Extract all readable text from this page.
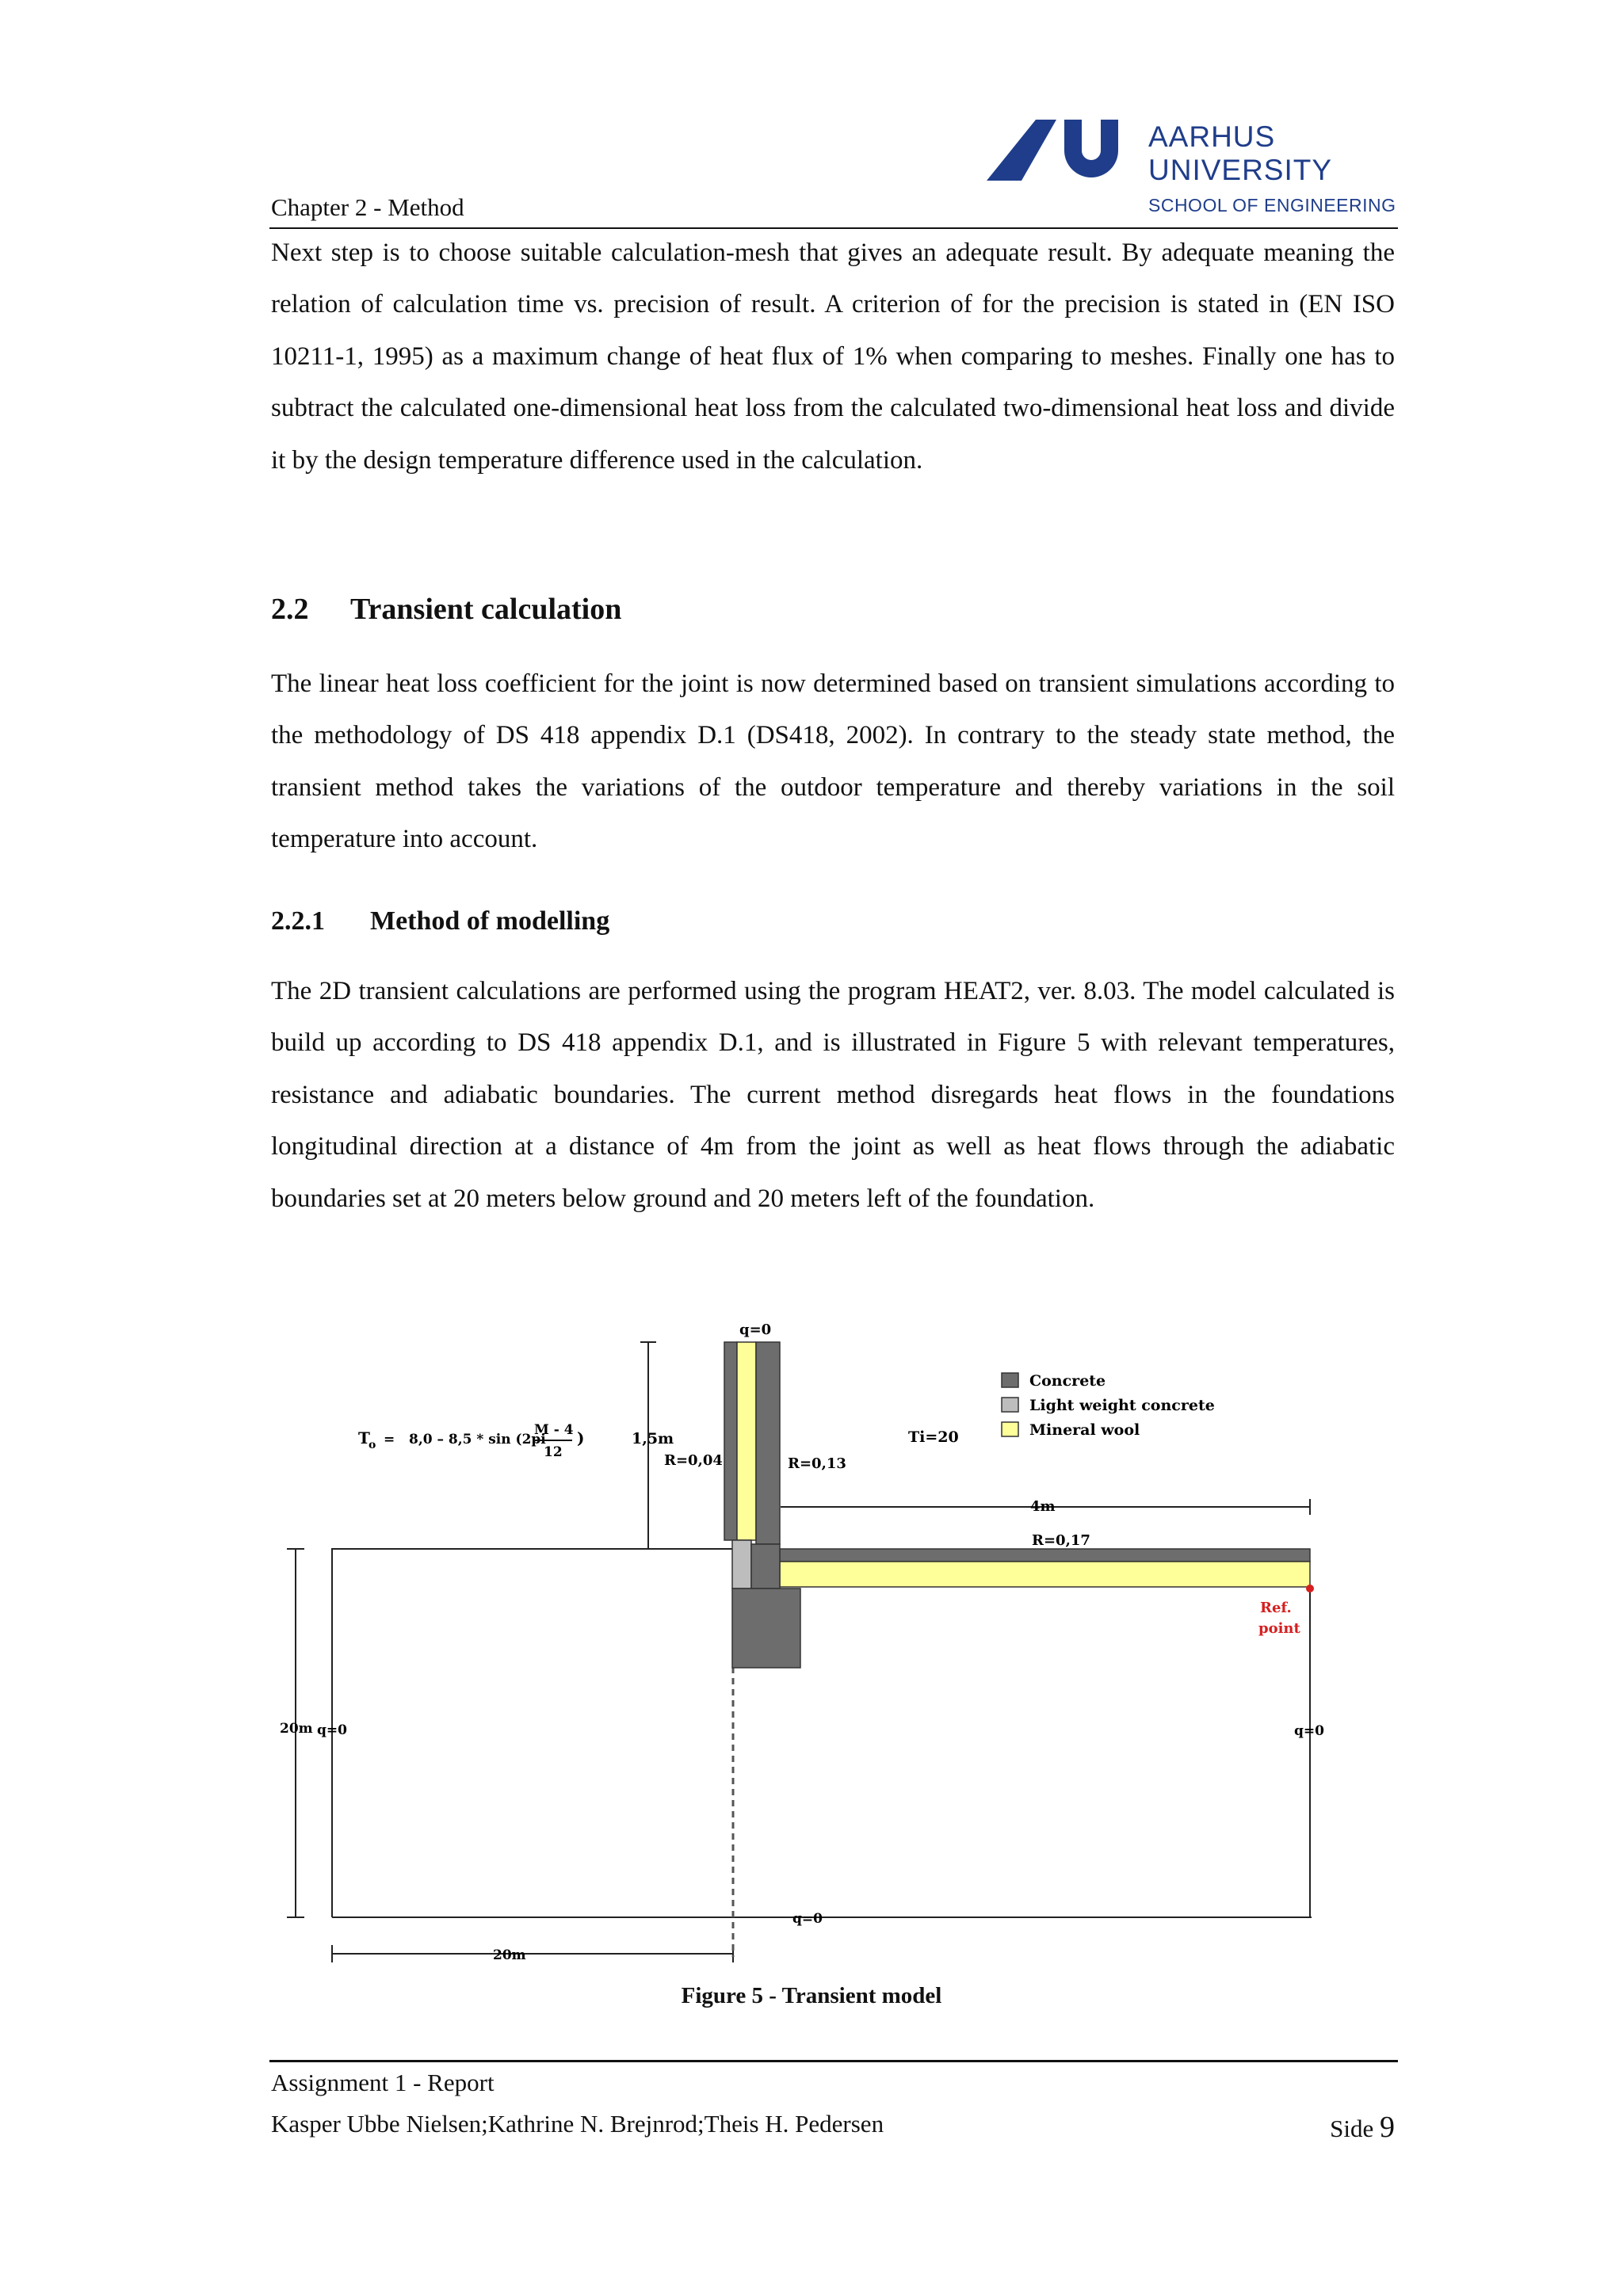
Chapter 2 - Method
AARHUS
UNIVERSITY
SCHOOL OF ENGINEERING
Next step is to choose suitable calculation-mesh that gives an adequate result. By adequate meaning the relation of calculation time vs. precision of result. A criterion of for the precision is stated in (EN ISO 10211-1, 1995) as a maximum change of heat flux of 1% when comparing to meshes. Finally one has to subtract the calculated one-dimensional heat loss from the calculated two-dimensional heat loss and divide it by the design temperature difference used in the calculation.
2.2 Transient calculation
The linear heat loss coefficient for the joint is now determined based on transient simulations according to the methodology of DS 418 appendix D.1 (DS418, 2002). In contrary to the steady state method, the transient method takes the variations of the outdoor temperature and thereby variations in the soil temperature into account.
2.2.1 Method of modelling
The 2D transient calculations are performed using the program HEAT2, ver. 8.03. The model calculated is build up according to DS 418 appendix D.1, and is illustrated in Figure 5 with relevant temperatures, resistance and adiabatic boundaries. The current method disregards heat flows in the foundations longitudinal direction at a distance of 4m from the joint as well as heat flows through the adiabatic boundaries set at 20 meters below ground and 20 meters left of the foundation.
Concrete
Light weight concrete
Mineral wool
T
o =   8,0 – 8,5 * sin (2pi
M - 4
12
)
q=0
1,5m
R=0,04	R=0,13
Ti=20
4m
R=0,17
Ref.
point
20m q=0	q=0
q=0
20m
Figure 5 - Transient model
Assignment 1 - Report
Kasper Ubbe Nielsen;Kathrine N. Brejnrod;Theis H. Pedersen	Side 9
